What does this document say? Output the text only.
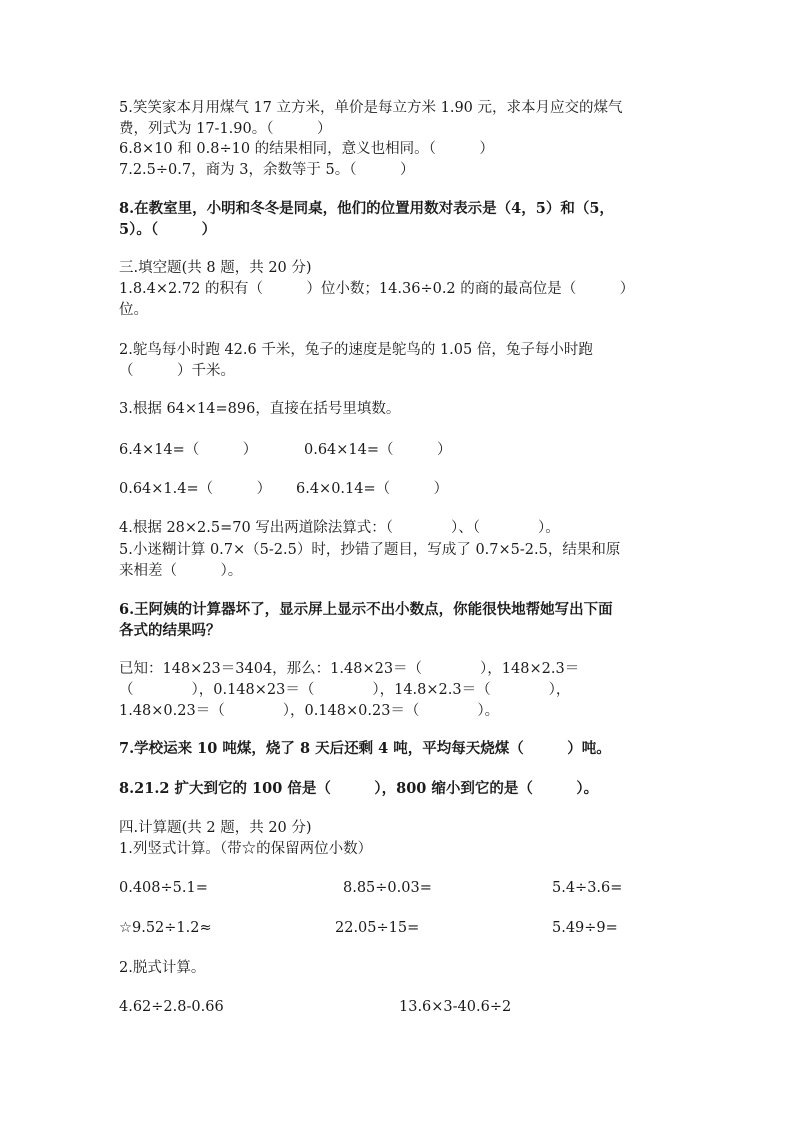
5.笑笑家本月用煤气 17 立方米，单价是每立方米 1.90 元，求本月应交的煤气
费，列式为 17-1.90。（　　　）
6.8×10 和 0.8÷10 的结果相同，意义也相同。（　　　）
7.2.5÷0.7，商为 3，余数等于 5。（　　　）
8.在教室里，小明和冬冬是同桌，他们的位置用数对表示是（4，5）和（5，
5）。（　　　）
三.填空题(共 8 题，共 20 分)
1.8.4×2.72 的积有（　　　）位小数；14.36÷0.2 的商的最高位是（　　　）
位。
2.鸵鸟每小时跑 42.6 千米，兔子的速度是鸵鸟的 1.05 倍，兔子每小时跑
（　　　）千米。
3.根据 64×14=896，直接在括号里填数。
6.4×14=（　　　）	0.64×14=（　　　）
0.64×1.4=（　　　） 6.4×0.14=（　　　）
4.根据 28×2.5=70 写出两道除法算式：（　　　　）、（　　　　）。
5.小迷糊计算 0.7×（5-2.5）时，抄错了题目，写成了 0.7×5-2.5，结果和原
来相差（　　　）。
6.王阿姨的计算器坏了，显示屏上显示不出小数点，你能很快地帮她写出下面
各式的结果吗？
已知：148×23＝3404，那么：1.48×23＝（　　　　），148×2.3＝
（　　　　），0.148×23＝（　　　　），14.8×2.3＝（　　　　），
1.48×0.23＝（　　　　），0.148×0.23＝（　　　　）。
7.学校运来 10 吨煤，烧了 8 天后还剩 4 吨，平均每天烧煤（　　　）吨。
8.21.2 扩大到它的 100 倍是（　　　），800 缩小到它的是（　　　）。
四.计算题(共 2 题，共 20 分)
1.列竖式计算。（带☆的保留两位小数）
0.408÷5.1=	8.85÷0.03=	5.4÷3.6=
☆9.52÷1.2≈	22.05÷15=	5.49÷9=
2.脱式计算。
4.62÷2.8-0.66	13.6×3-40.6÷2
